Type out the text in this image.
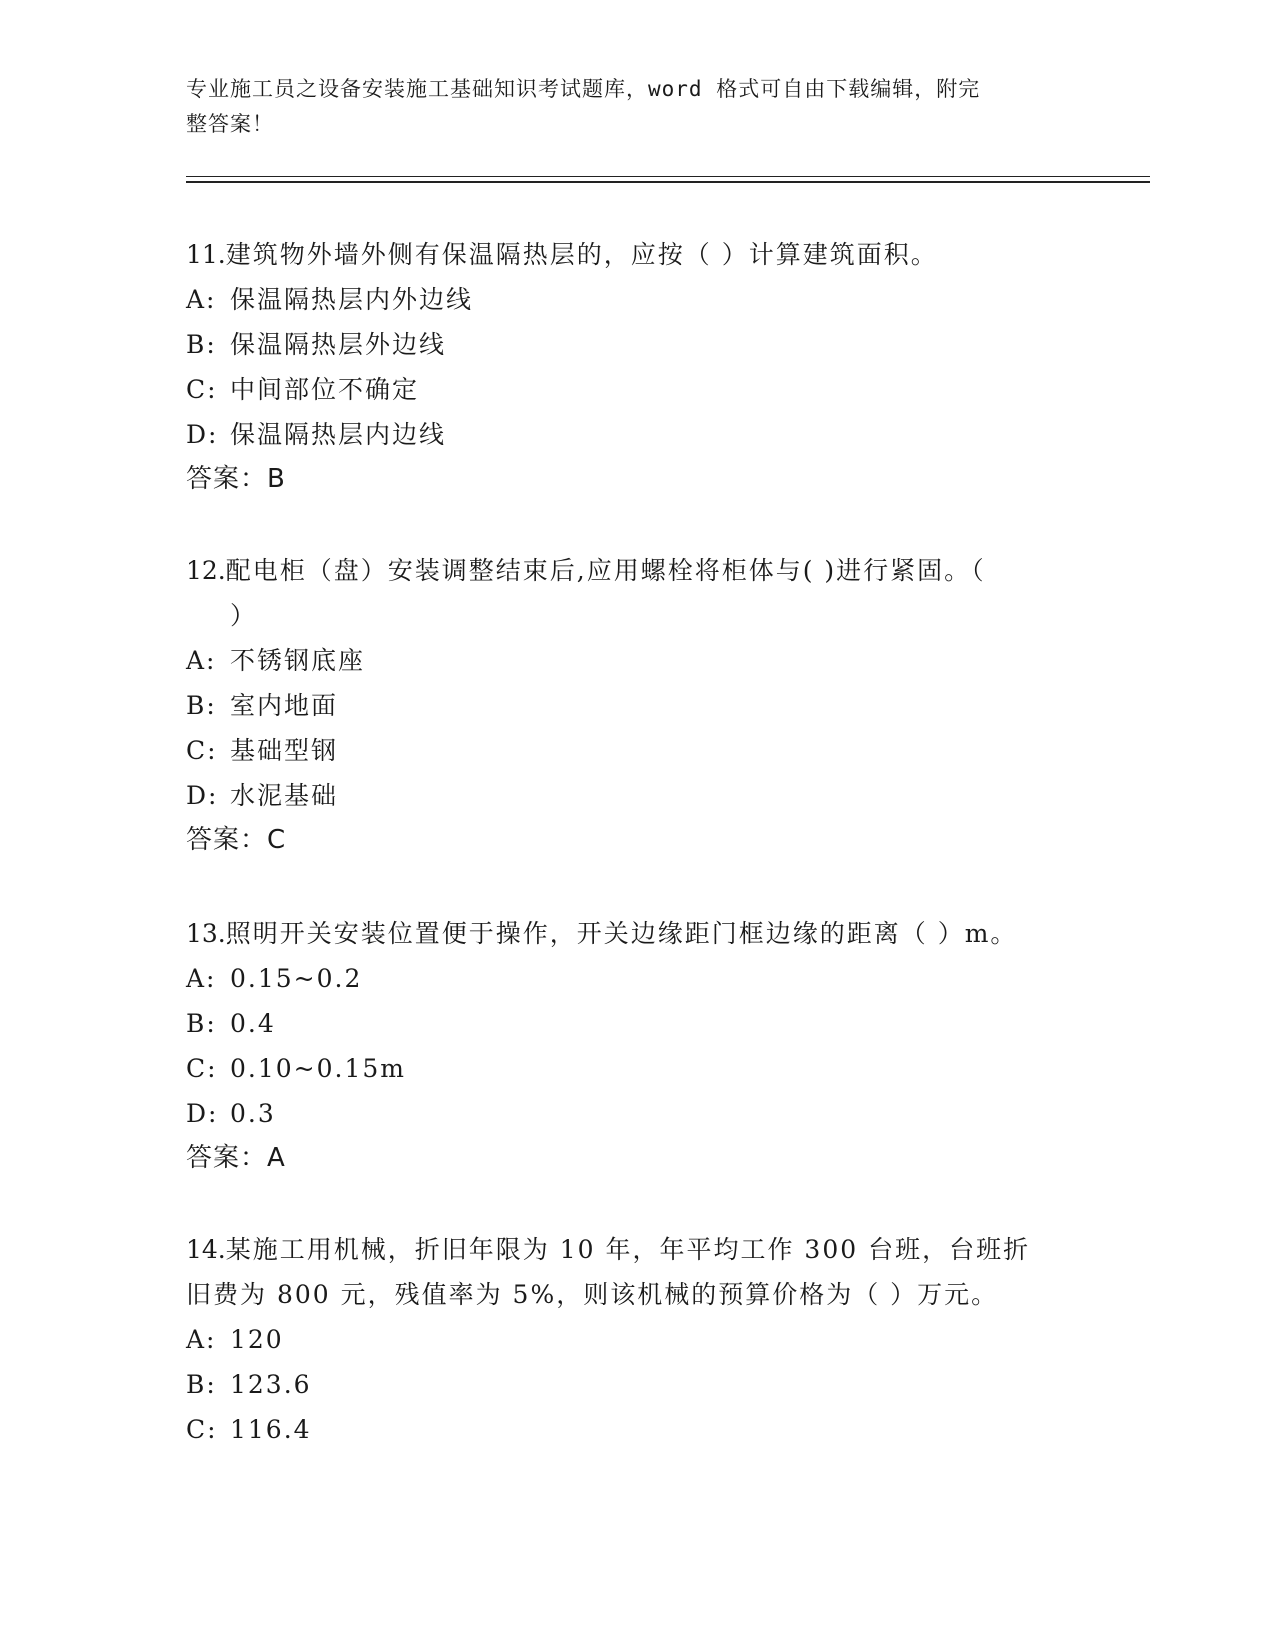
专业施工员之设备安装施工基础知识考试题库，word 格式可自由下载编辑，附完
整答案！

11.建筑物外墙外侧有保温隔热层的，应按（ ）计算建筑面积。

A: 保温隔热层内外边线
B: 保温隔热层外边线
C: 中间部位不确定
D: 保温隔热层内边线
答案：B

12.配电柜（盘）安装调整结束后,应用螺栓将柜体与( )进行紧固。（
）

A: 不锈钢底座
B: 室内地面
C: 基础型钢
D: 水泥基础
答案：C

13.照明开关安装位置便于操作，开关边缘距门框边缘的距离（ ）m。

A: 0.15~0.2
B: 0.4
C: 0.10~0.15m
D: 0.3
答案：A

14.某施工用机械，折旧年限为 10 年，年平均工作 300 台班，台班折
旧费为 800 元，残值率为 5%，则该机械的预算价格为（ ）万元。

A: 120
B: 123.6
C: 116.4
